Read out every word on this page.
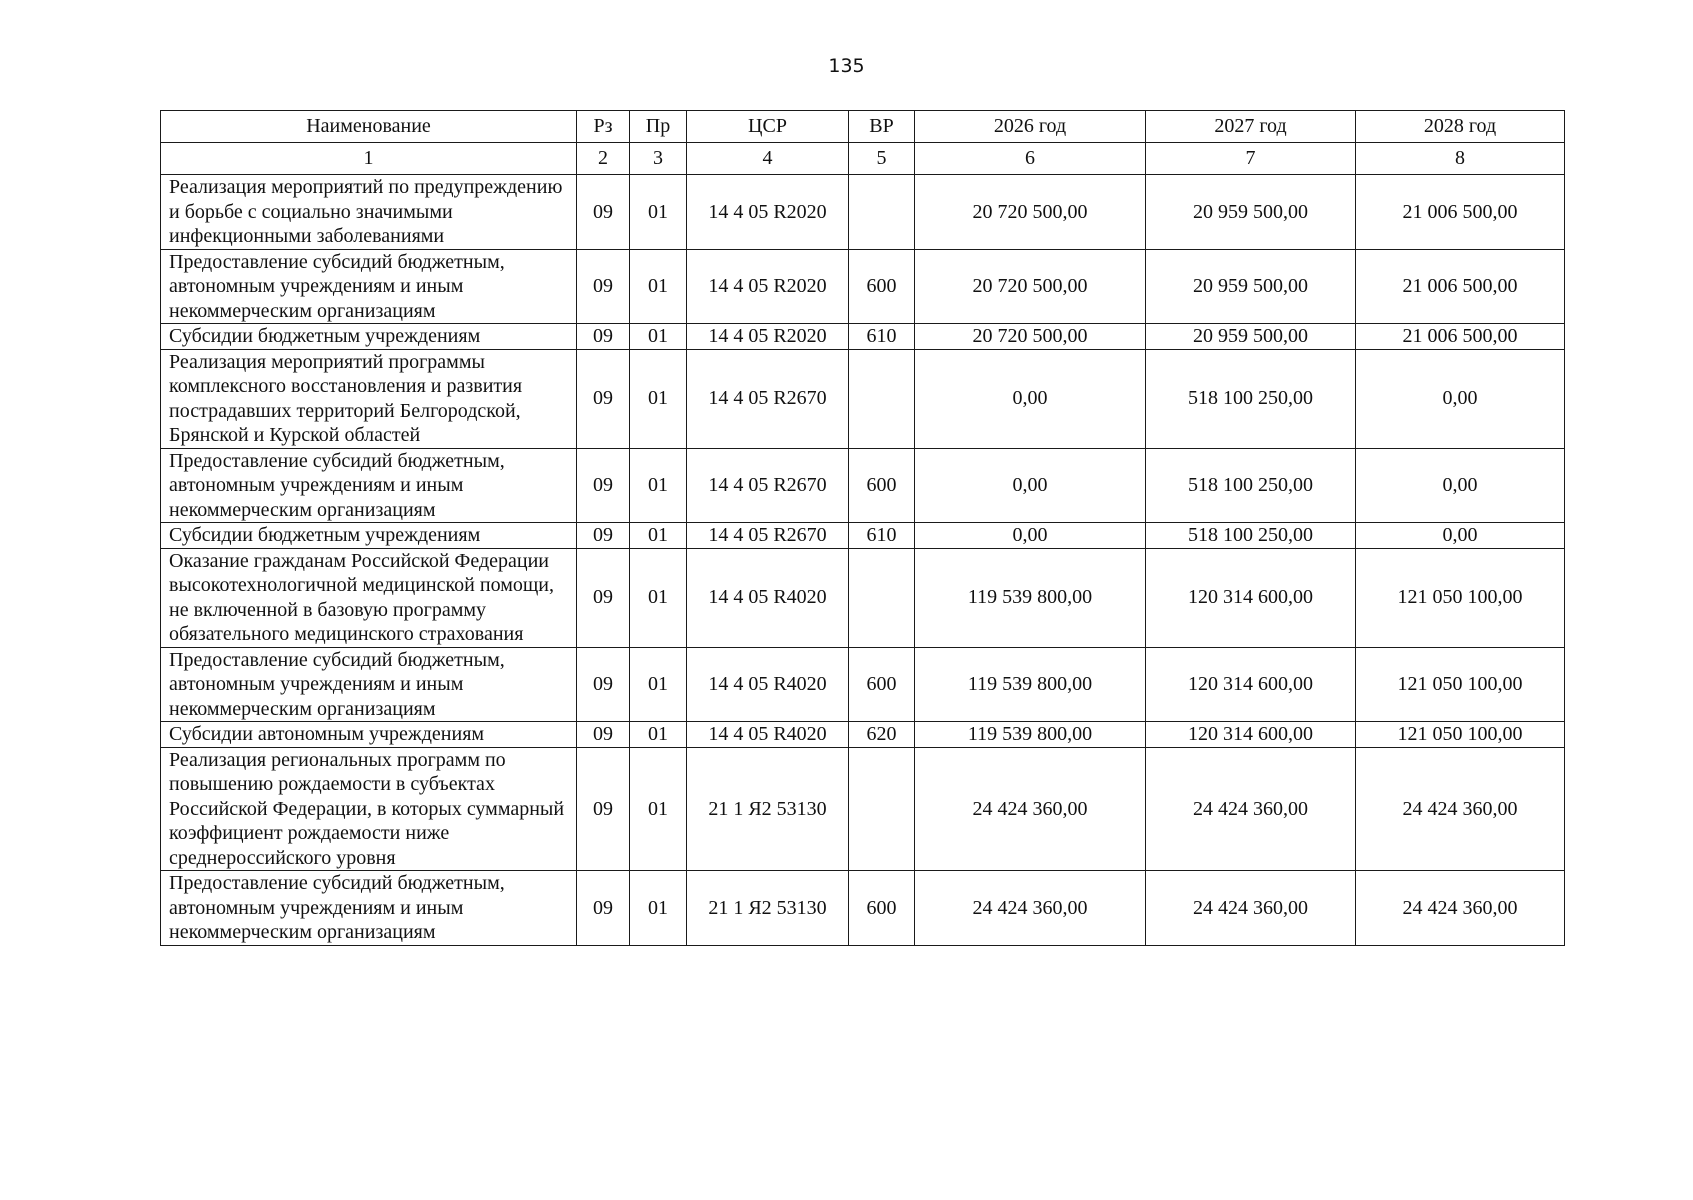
135
Наименование	Рз	Пр	ЦСР	ВР	2026 год	2027 год	2028 год
1	2	3	4	5	6	7	8
Реализация мероприятий по предупреждению и борьбе с социально значимыми инфекционными заболеваниями	09	01	14 4 05 R2020		20 720 500,00	20 959 500,00	21 006 500,00
Предоставление субсидий бюджетным, автономным учреждениям и иным некоммерческим организациям	09	01	14 4 05 R2020	600	20 720 500,00	20 959 500,00	21 006 500,00
Субсидии бюджетным учреждениям	09	01	14 4 05 R2020	610	20 720 500,00	20 959 500,00	21 006 500,00
Реализация мероприятий программы комплексного восстановления и развития пострадавших территорий Белгородской, Брянской и Курской областей	09	01	14 4 05 R2670		0,00	518 100 250,00	0,00
Предоставление субсидий бюджетным, автономным учреждениям и иным некоммерческим организациям	09	01	14 4 05 R2670	600	0,00	518 100 250,00	0,00
Субсидии бюджетным учреждениям	09	01	14 4 05 R2670	610	0,00	518 100 250,00	0,00
Оказание гражданам Российской Федерации высокотехнологичной медицинской помощи, не включенной в базовую программу обязательного медицинского страхования	09	01	14 4 05 R4020		119 539 800,00	120 314 600,00	121 050 100,00
Предоставление субсидий бюджетным, автономным учреждениям и иным некоммерческим организациям	09	01	14 4 05 R4020	600	119 539 800,00	120 314 600,00	121 050 100,00
Субсидии автономным учреждениям	09	01	14 4 05 R4020	620	119 539 800,00	120 314 600,00	121 050 100,00
Реализация региональных программ по повышению рождаемости в субъектах Российской Федерации, в которых суммарный коэффициент рождаемости ниже среднероссийского уровня	09	01	21 1 Я2 53130		24 424 360,00	24 424 360,00	24 424 360,00
Предоставление субсидий бюджетным, автономным учреждениям и иным некоммерческим организациям	09	01	21 1 Я2 53130	600	24 424 360,00	24 424 360,00	24 424 360,00
